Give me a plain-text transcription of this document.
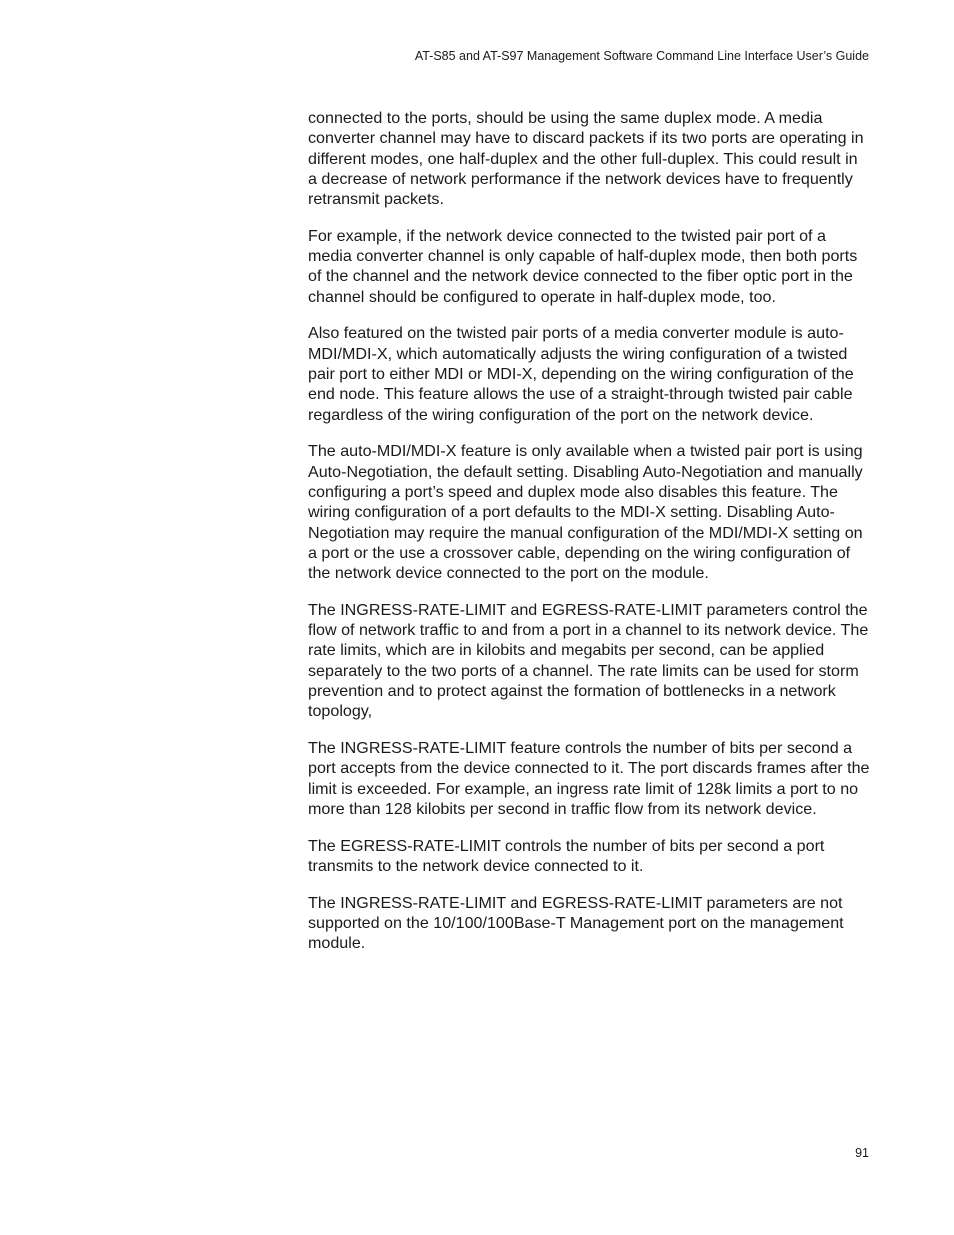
AT-S85 and AT-S97 Management Software Command Line Interface User’s Guide

connected to the ports, should be using the same duplex mode. A media converter channel may have to discard packets if its two ports are operating in different modes, one half-duplex and the other full-duplex. This could result in a decrease of network performance if the network devices have to frequently retransmit packets.

For example, if the network device connected to the twisted pair port of a media converter channel is only capable of half-duplex mode, then both ports of the channel and the network device connected to the fiber optic port in the channel should be configured to operate in half-duplex mode, too.

Also featured on the twisted pair ports of a media converter module is auto-MDI/MDI-X, which automatically adjusts the wiring configuration of a twisted pair port to either MDI or MDI-X, depending on the wiring configuration of the end node. This feature allows the use of a straight-through twisted pair cable regardless of the wiring configuration of the port on the network device.

The auto-MDI/MDI-X feature is only available when a twisted pair port is using Auto-Negotiation, the default setting. Disabling Auto-Negotiation and manually configuring a port’s speed and duplex mode also disables this feature. The wiring configuration of a port defaults to the MDI-X setting. Disabling Auto-Negotiation may require the manual configuration of the MDI/MDI-X setting on a port or the use a crossover cable, depending on the wiring configuration of the network device connected to the port on the module.

The INGRESS-RATE-LIMIT and EGRESS-RATE-LIMIT parameters control the flow of network traffic to and from a port in a channel to its network device. The rate limits, which are in kilobits and megabits per second, can be applied separately to the two ports of a channel. The rate limits can be used for storm prevention and to protect against the formation of bottlenecks in a network topology,

The INGRESS-RATE-LIMIT feature controls the number of bits per second a port accepts from the device connected to it. The port discards frames after the limit is exceeded. For example, an ingress rate limit of 128k limits a port to no more than 128 kilobits per second in traffic flow from its network device.

The EGRESS-RATE-LIMIT controls the number of bits per second a port transmits to the network device connected to it.

The INGRESS-RATE-LIMIT and EGRESS-RATE-LIMIT parameters are not supported on the 10/100/100Base-T Management port on the management module.

91
